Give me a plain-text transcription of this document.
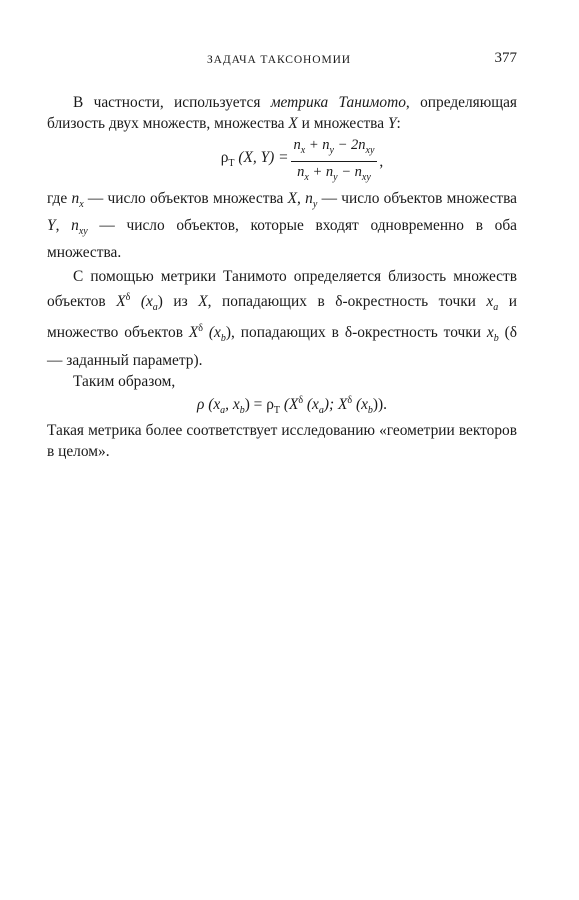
ЗАДАЧА ТАКСОНОМИИ	377

В частности, используется метрика Танимото, определяющая близость двух множеств, множества X и множества Y:

$\rho_Т$ (X, $Y) = \frac{n_x + n_y - 2n_{xy}}{n_x + n_y - n_{xy}}$ ,

где $n_x$ — число объектов множества X, $n_y$ — число объектов множества Y, $n_{xy}$ — число объектов, которые входят одновременно в оба множества.

С помощью метрики Танимото определяется близость множеств объектов $X^\delta$ $(x_a)$ из X, попадающих в δ-окрестность точки $x_a$ и множество объектов $X^\delta$ $(x_b)$, попадающих в δ-окрестность точки $x_b$ (δ — заданный параметр).

Таким образом,

ρ ($x_a$, $x_b) = \rho_Т$ ($X^\delta$ $(x_a)$; $X^\delta$ $(x_b)$).

Такая метрика более соответствует исследованию «геометрии векторов в целом».
